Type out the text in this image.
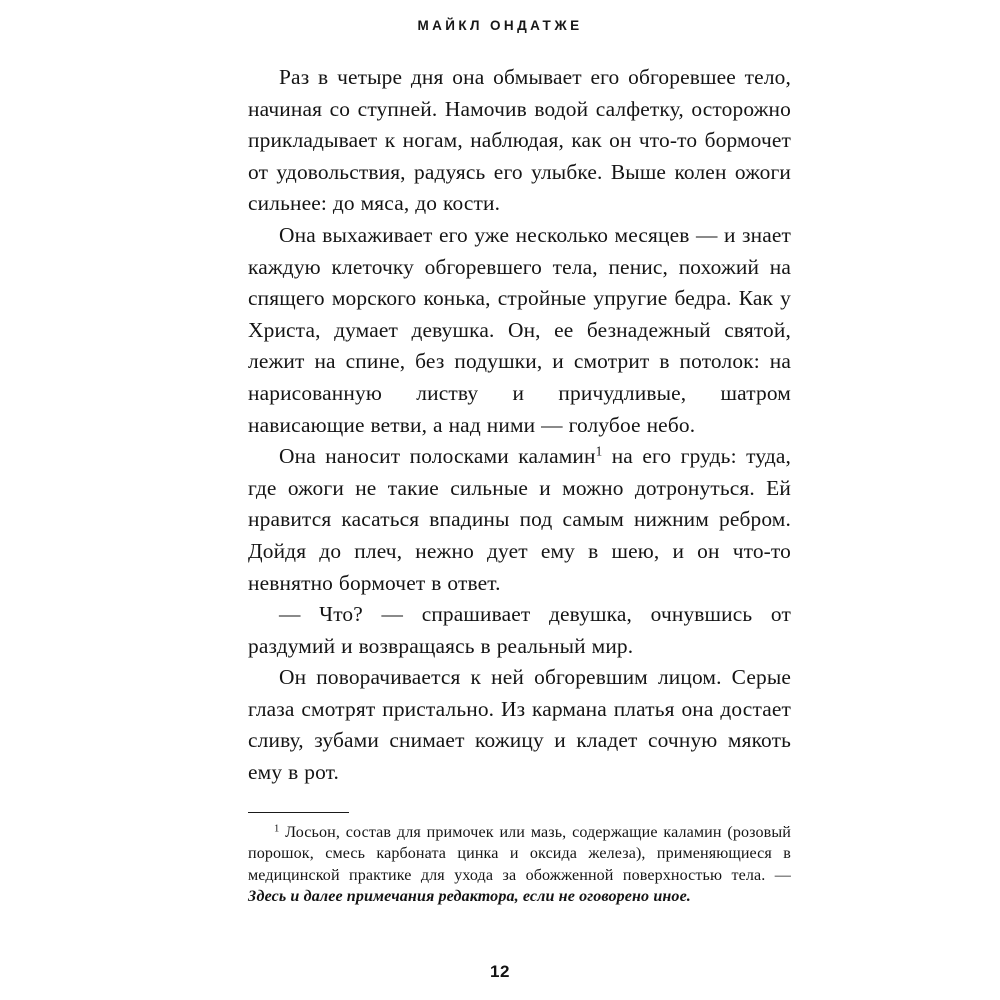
МАЙКЛ ОНДАТЖЕ

Раз в четыре дня она обмывает его обгоревшее тело, начиная со ступней. Намочив водой салфетку, осторожно прикладывает к ногам, наблюдая, как он что-то бормочет от удовольствия, радуясь его улыбке. Выше колен ожоги сильнее: до мяса, до кости.

Она выхаживает его уже несколько месяцев — и знает каждую клеточку обгоревшего тела, пенис, похожий на спящего морского конька, стройные упругие бедра. Как у Христа, думает девушка. Он, ее безнадежный святой, лежит на спине, без подушки, и смотрит в потолок: на нарисованную листву и причудливые, шатром нависающие ветви, а над ними — голубое небо.

Она наносит полосками каламин$^1$ на его грудь: туда, где ожоги не такие сильные и можно дотронуться. Ей нравится касаться впадины под самым нижним ребром. Дойдя до плеч, нежно дует ему в шею, и он что-то невнятно бормочет в ответ.

— Что? — спрашивает девушка, очнувшись от раздумий и возвращаясь в реальный мир.

Он поворачивается к ней обгоревшим лицом. Серые глаза смотрят пристально. Из кармана платья она достает сливу, зубами снимает кожицу и кладет сочную мякоть ему в рот.

$^1$ Лосьон, состав для примочек или мазь, содержащие каламин (розовый порошок, смесь карбоната цинка и оксида железа), применяющиеся в медицинской практике для ухода за обожженной поверхностью тела. — Здесь и далее примечания редактора, если не оговорено иное.

12
